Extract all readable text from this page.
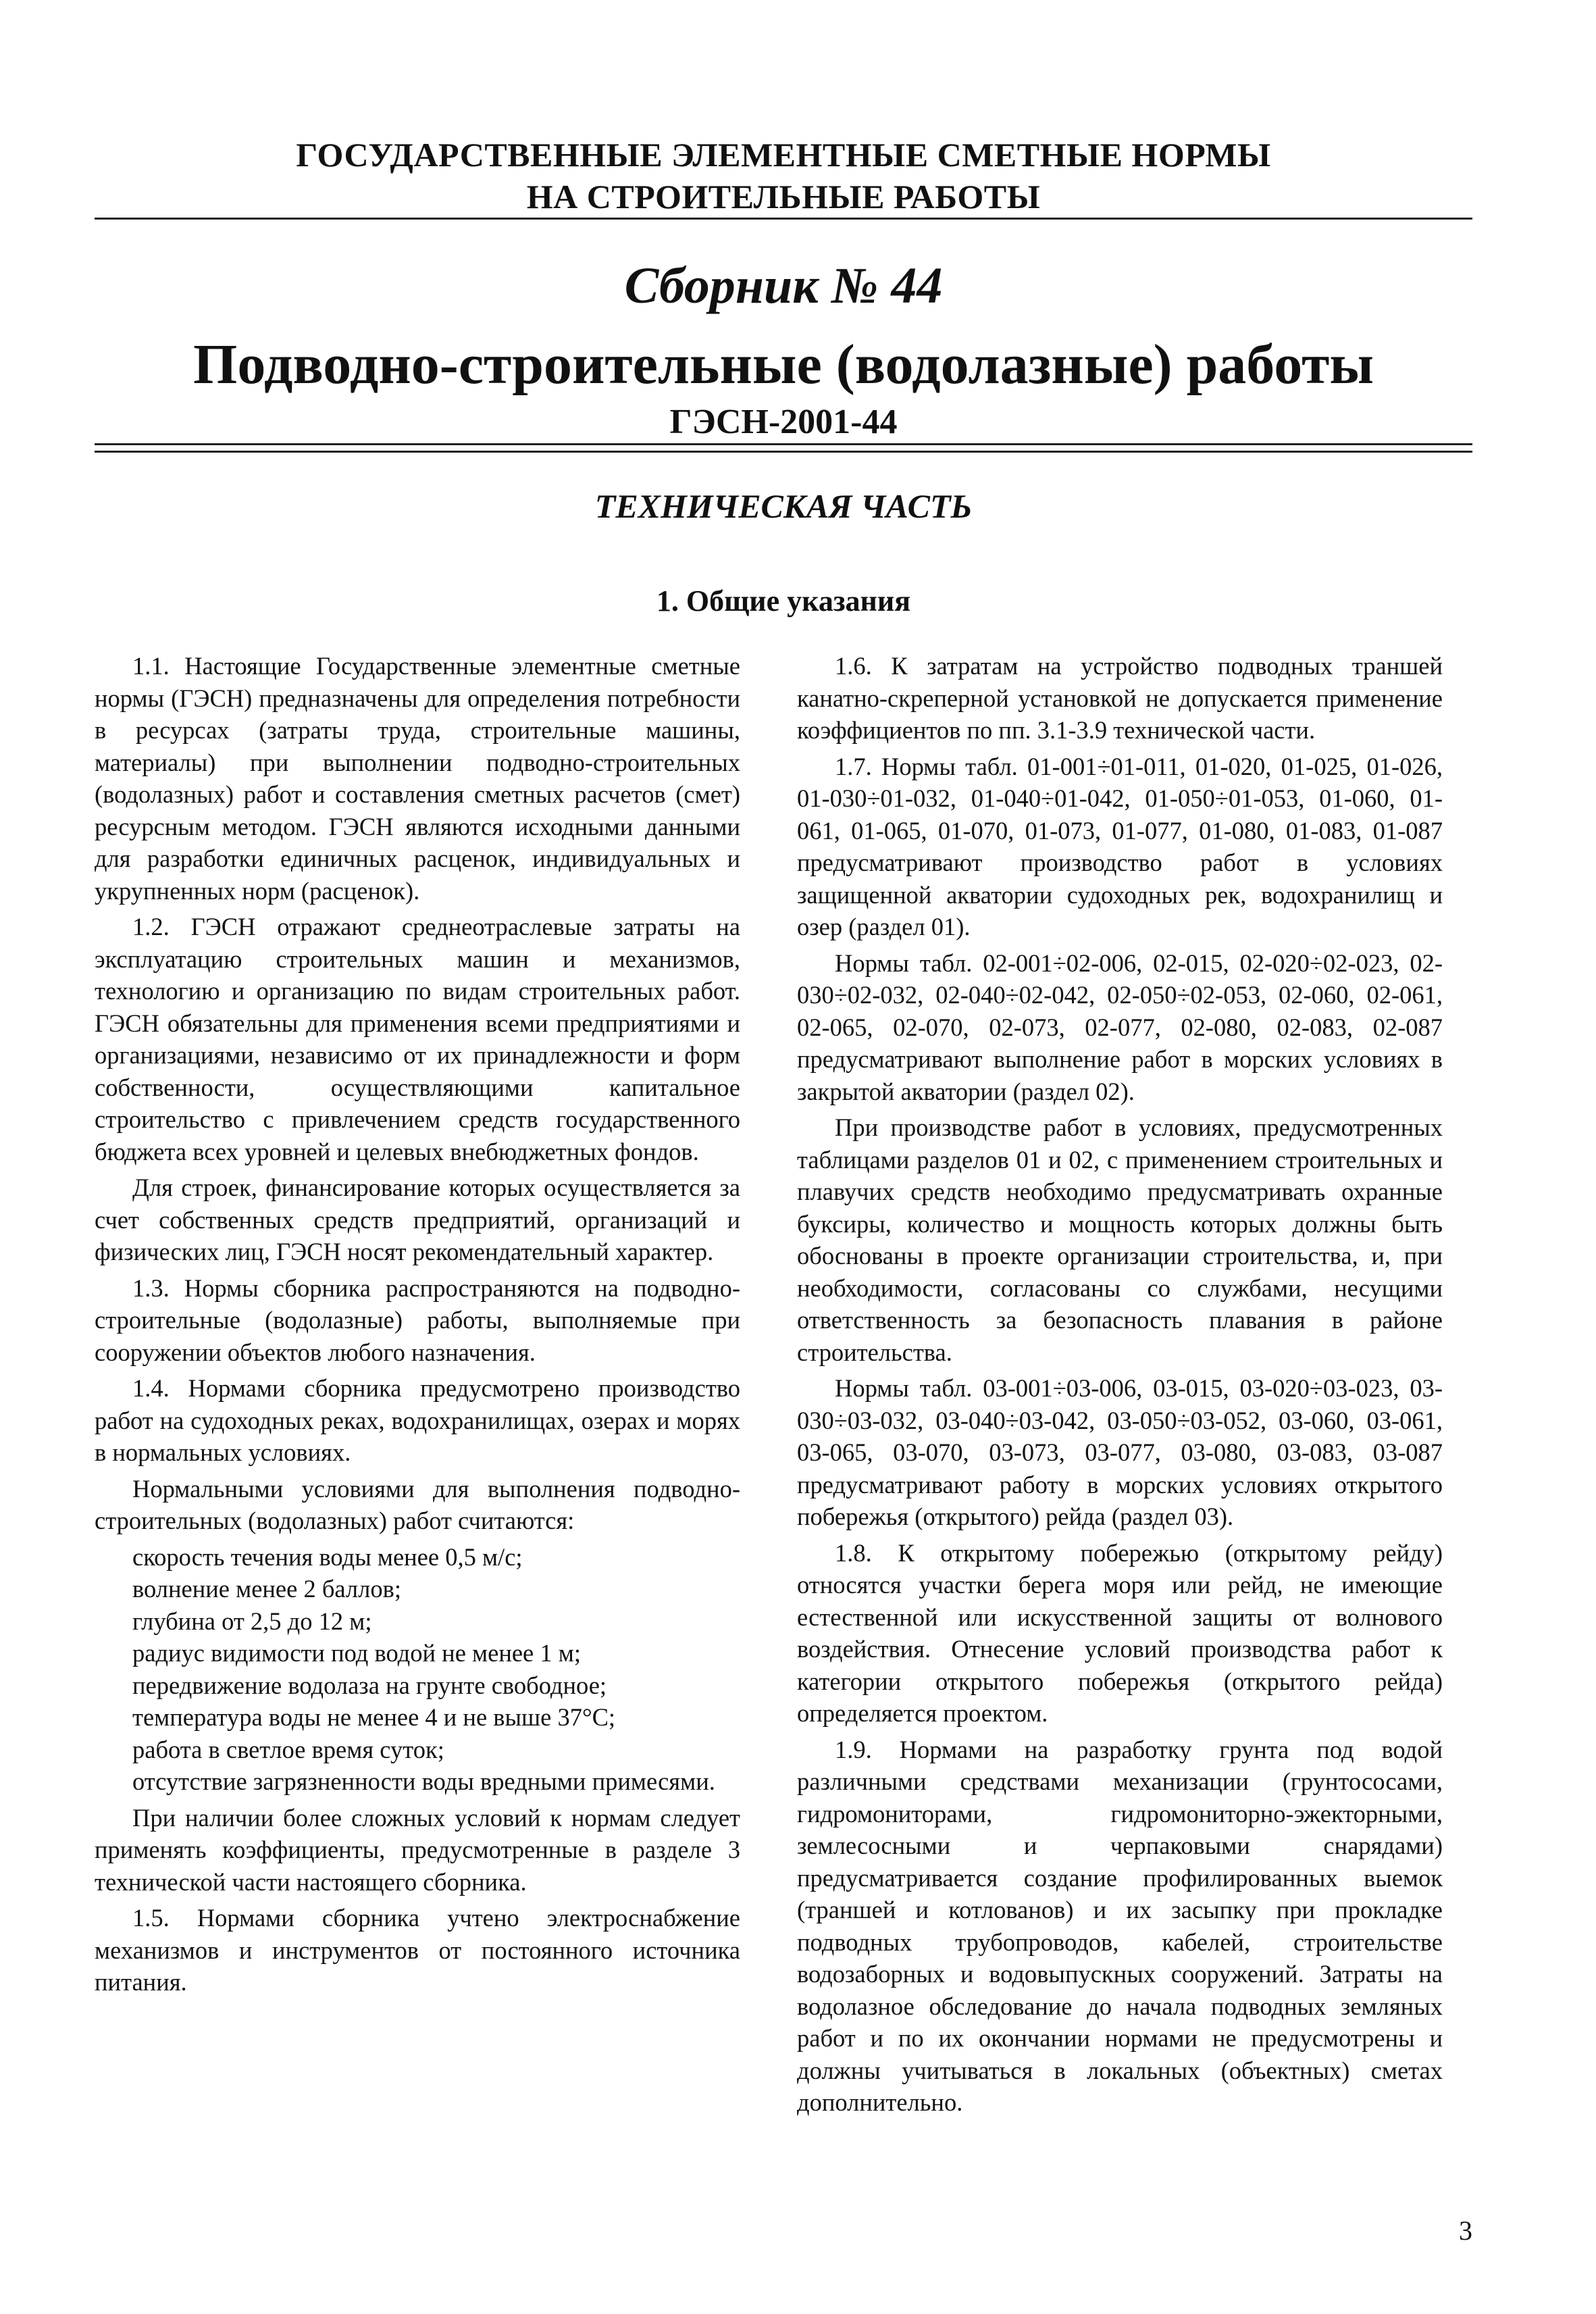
ГОСУДАРСТВЕННЫЕ ЭЛЕМЕНТНЫЕ СМЕТНЫЕ НОРМЫ
НА СТРОИТЕЛЬНЫЕ РАБОТЫ
Сборник № 44
Подводно-строительные (водолазные) работы
ГЭСН-2001-44
ТЕХНИЧЕСКАЯ ЧАСТЬ
1. Общие указания

1.1. Настоящие Государственные элементные сметные нормы (ГЭСН) предназначены для определения потребности в ресурсах (затраты труда, строительные машины, материалы) при выполнении подводно-строительных (водолазных) работ и составления сметных расчетов (смет) ресурсным методом. ГЭСН являются исходными данными для разработки единичных расценок, индивидуальных и укрупненных норм (расценок).

1.2. ГЭСН отражают среднеотраслевые затраты на эксплуатацию строительных машин и механизмов, технологию и организацию по видам строительных работ. ГЭСН обязательны для применения всеми предприятиями и организациями, независимо от их принадлежности и форм собственности, осуществляющими капитальное строительство с привлечением средств государственного бюджета всех уровней и целевых внебюджетных фондов.

Для строек, финансирование которых осуществляется за счет собственных средств предприятий, организаций и физических лиц, ГЭСН носят рекомендательный характер.

1.3. Нормы сборника распространяются на подводно-строительные (водолазные) работы, выполняемые при сооружении объектов любого назначения.

1.4. Нормами сборника предусмотрено производство работ на судоходных реках, водохранилищах, озерах и морях в нормальных условиях.

Нормальными условиями для выполнения подводно-строительных (водолазных) работ считаются:

скорость течения воды менее 0,5 м/с;

волнение менее 2 баллов;

глубина от 2,5 до 12 м;

радиус видимости под водой не менее 1 м;

передвижение водолаза на грунте свободное;

температура воды не менее 4 и не выше 37°С;

работа в светлое время суток;

отсутствие загрязненности воды вредными примесями.

При наличии более сложных условий к нормам следует применять коэффициенты, предусмотренные в разделе 3 технической части настоящего сборника.

1.5. Нормами сборника учтено электроснабжение механизмов и инструментов от постоянного источника питания.

1.6. К затратам на устройство подводных траншей канатно-скреперной установкой не допускается применение коэффициентов по пп. 3.1-3.9 технической части.

1.7. Нормы табл. 01-001÷01-011, 01-020, 01-025, 01-026, 01-030÷01-032, 01-040÷01-042, 01-050÷01-053, 01-060, 01-061, 01-065, 01-070, 01-073, 01-077, 01-080, 01-083, 01-087 предусматривают производство работ в условиях защищенной акватории судоходных рек, водохранилищ и озер (раздел 01).

Нормы табл. 02-001÷02-006, 02-015, 02-020÷02-023, 02-030÷02-032, 02-040÷02-042, 02-050÷02-053, 02-060, 02-061, 02-065, 02-070, 02-073, 02-077, 02-080, 02-083, 02-087 предусматривают выполнение работ в морских условиях в закрытой акватории (раздел 02).

При производстве работ в условиях, предусмотренных таблицами разделов 01 и 02, с применением строительных и плавучих средств необходимо предусматривать охранные буксиры, количество и мощность которых должны быть обоснованы в проекте организации строительства, и, при необходимости, согласованы со службами, несущими ответственность за безопасность плавания в районе строительства.

Нормы табл. 03-001÷03-006, 03-015, 03-020÷03-023, 03-030÷03-032, 03-040÷03-042, 03-050÷03-052, 03-060, 03-061, 03-065, 03-070, 03-073, 03-077, 03-080, 03-083, 03-087 предусматривают работу в морских условиях открытого побережья (открытого) рейда (раздел 03).

1.8. К открытому побережью (открытому рейду) относятся участки берега моря или рейд, не имеющие естественной или искусственной защиты от волнового воздействия. Отнесение условий производства работ к категории открытого побережья (открытого рейда) определяется проектом.

1.9. Нормами на разработку грунта под водой различными средствами механизации (грунтососами, гидромониторами, гидромониторно-эжекторными, землесосными и черпаковыми снарядами) предусматривается создание профилированных выемок (траншей и котлованов) и их засыпку при прокладке подводных трубопроводов, кабелей, строительстве водозаборных и водовыпускных сооружений. Затраты на водолазное обследование до начала подводных земляных работ и по их окончании нормами не предусмотрены и должны учитываться в локальных (объектных) сметах дополнительно.

3
